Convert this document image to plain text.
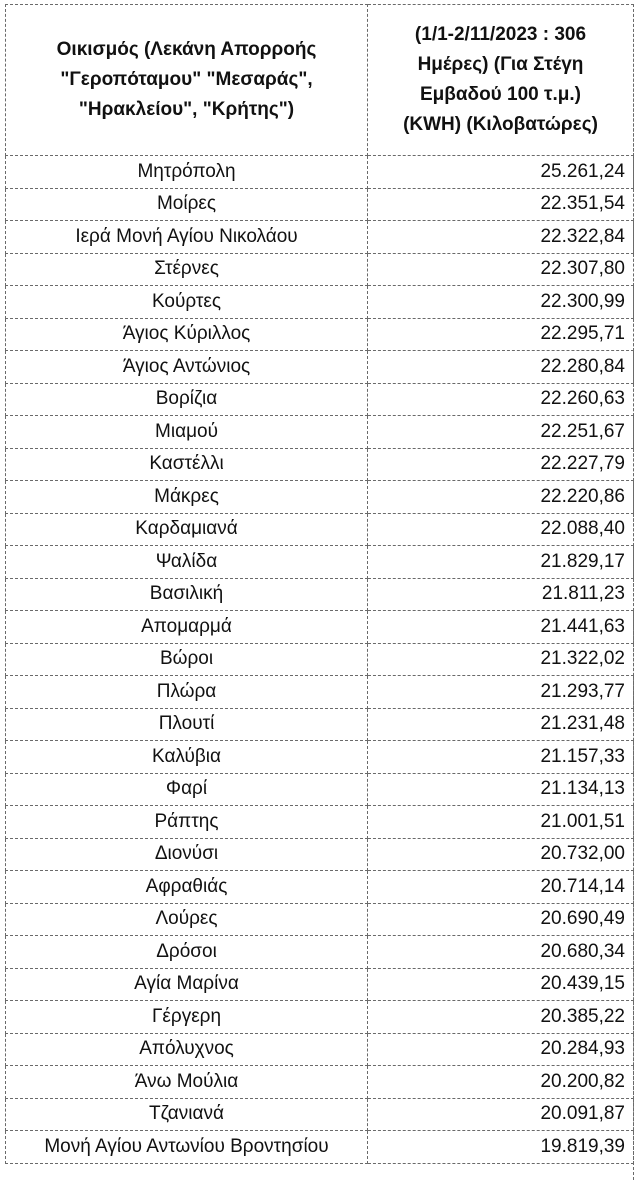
Οικισμός (Λεκάνη Απορροής
"Γεροπόταμου" "Μεσαράς",
"Ηρακλείου", "Κρήτης")	(1/1-2/11/2023 : 306
Ημέρες) (Για Στέγη
Εμβαδού 100 τ.μ.)
(KWH) (Κιλοβατώρες)
Μητρόπολη	25.261,24
Μοίρες	22.351,54
Ιερά Μονή Αγίου Νικολάου	22.322,84
Στέρνες	22.307,80
Κούρτες	22.300,99
Άγιος Κύριλλος	22.295,71
Άγιος Αντώνιος	22.280,84
Βορίζια	22.260,63
Μιαμού	22.251,67
Καστέλλι	22.227,79
Μάκρες	22.220,86
Καρδαμιανά	22.088,40
Ψαλίδα	21.829,17
Βασιλική	21.811,23
Απομαρμά	21.441,63
Βώροι	21.322,02
Πλώρα	21.293,77
Πλουτί	21.231,48
Καλύβια	21.157,33
Φαρί	21.134,13
Ράπτης	21.001,51
Διονύσι	20.732,00
Αφραθιάς	20.714,14
Λούρες	20.690,49
Δρόσοι	20.680,34
Αγία Μαρίνα	20.439,15
Γέργερη	20.385,22
Απόλυχνος	20.284,93
Άνω Μούλια	20.200,82
Τζανιανά	20.091,87
Μονή Αγίου Αντωνίου Βροντησίου	19.819,39
